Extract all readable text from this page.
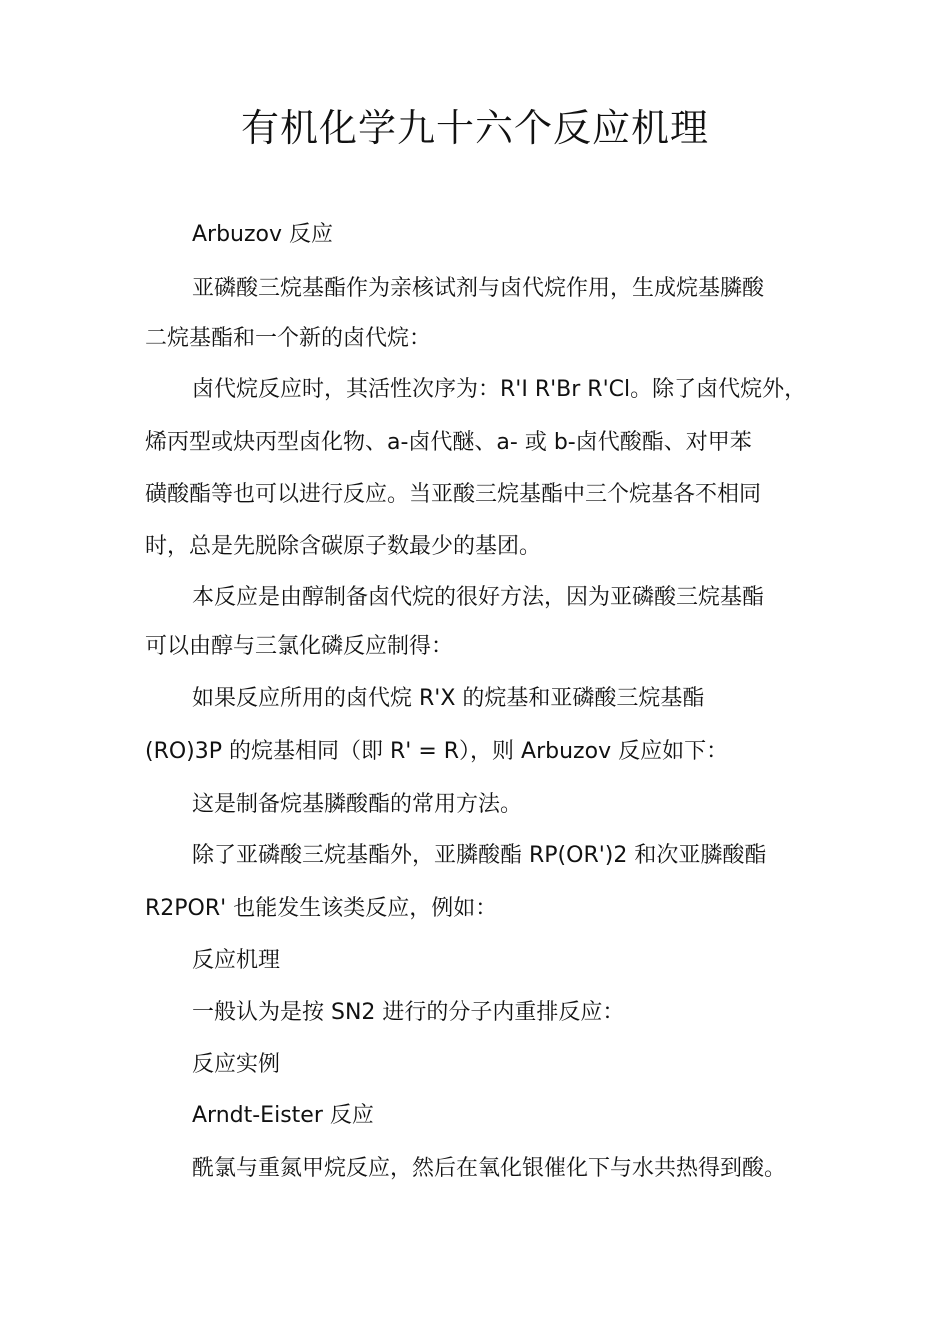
有机化学九十六个反应机理

Arbuzov 反应

亚磷酸三烷基酯作为亲核试剂与卤代烷作用，生成烷基膦酸

二烷基酯和一个新的卤代烷：

卤代烷反应时，其活性次序为：R'I R'Br R'Cl。除了卤代烷外，

烯丙型或炔丙型卤化物、a-卤代醚、a- 或 b-卤代酸酯、对甲苯

磺酸酯等也可以进行反应。当亚酸三烷基酯中三个烷基各不相同

时，总是先脱除含碳原子数最少的基团。

本反应是由醇制备卤代烷的很好方法，因为亚磷酸三烷基酯

可以由醇与三氯化磷反应制得：

如果反应所用的卤代烷 R'X 的烷基和亚磷酸三烷基酯

(RO)3P 的烷基相同（即 R' = R），则 Arbuzov 反应如下：

这是制备烷基膦酸酯的常用方法。

除了亚磷酸三烷基酯外，亚膦酸酯 RP(OR')2 和次亚膦酸酯

R2POR' 也能发生该类反应，例如：

反应机理

一般认为是按 SN2 进行的分子内重排反应：

反应实例

Arndt-Eister 反应

酰氯与重氮甲烷反应，然后在氧化银催化下与水共热得到酸。
